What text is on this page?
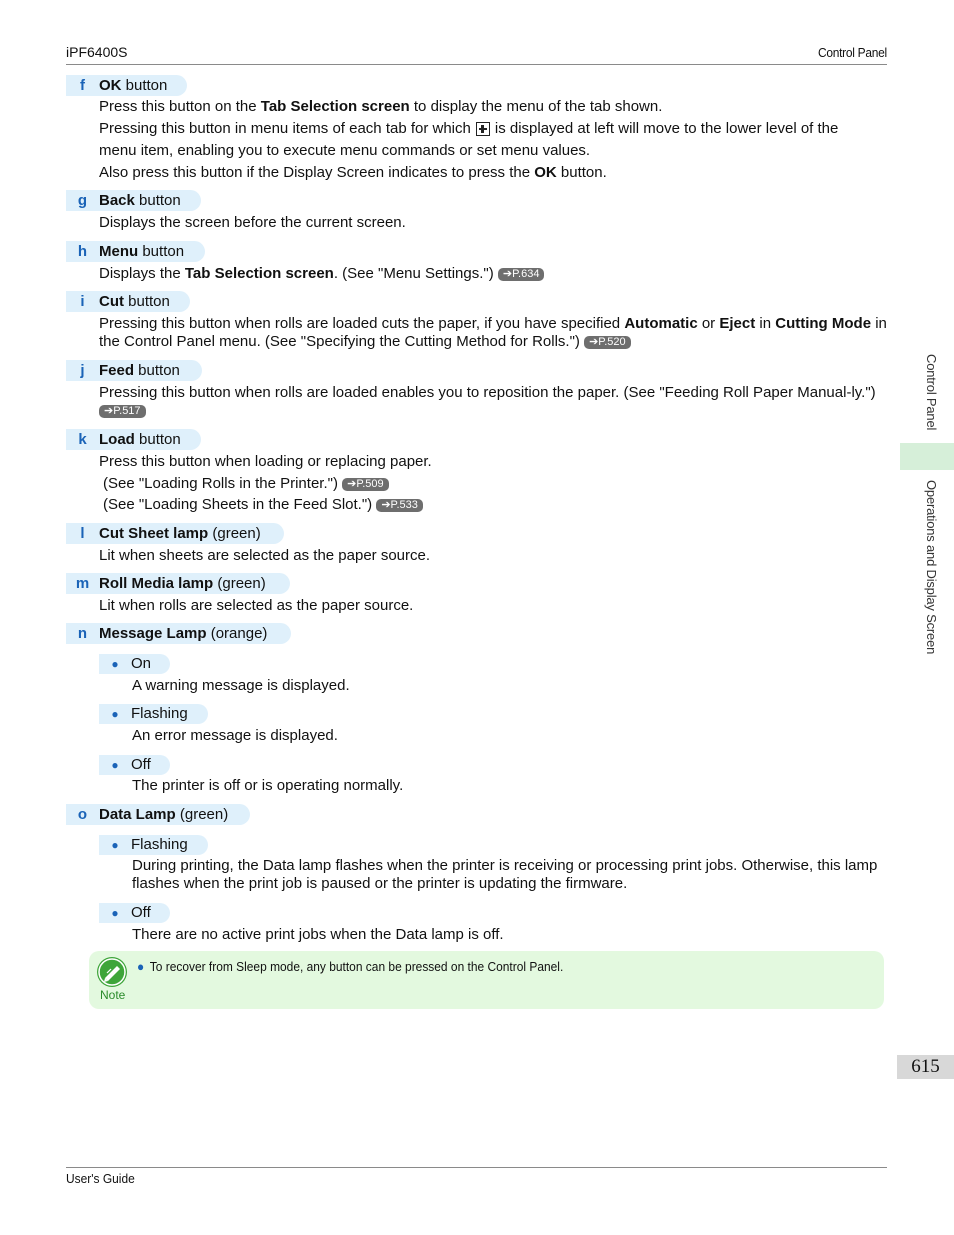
iPF6400S	Control Panel
Control Panel
Operations and Display Screen
615
f OK button
Press this button on the Tab Selection screen to display the menu of the tab shown.
Pressing this button in menu items of each tab for which is displayed at left will move to the lower level of the
menu item, enabling you to execute menu commands or set menu values.
Also press this button if the Display Screen indicates to press the OK button.
g Back button
Displays the screen before the current screen.
h Menu button
Displays the Tab Selection screen. (See "Menu Settings.") ➔P.634
i Cut button
Pressing this button when rolls are loaded cuts the paper, if you have specified Automatic or Eject in Cutting Mode in the Control Panel menu. (See "Specifying the Cutting Method for Rolls.") ➔P.520
j Feed button
Pressing this button when rolls are loaded enables you to reposition the paper. (See "Feeding Roll Paper Manual-ly.") ➔P.517
k Load button
Press this button when loading or replacing paper.
(See "Loading Rolls in the Printer.") ➔P.509
(See "Loading Sheets in the Feed Slot.") ➔P.533
l Cut Sheet lamp (green)
Lit when sheets are selected as the paper source.
m Roll Media lamp (green)
Lit when rolls are selected as the paper source.
n Message Lamp (orange)
● On
A warning message is displayed.
● Flashing
An error message is displayed.
● Off
The printer is off or is operating normally.
o Data Lamp (green)
● Flashing
During printing, the Data lamp flashes when the printer is receiving or processing print jobs. Otherwise, this lamp flashes when the print job is paused or the printer is updating the firmware.
● Off
There are no active print jobs when the Data lamp is off.
Note
● To recover from Sleep mode, any button can be pressed on the Control Panel.
User's Guide
